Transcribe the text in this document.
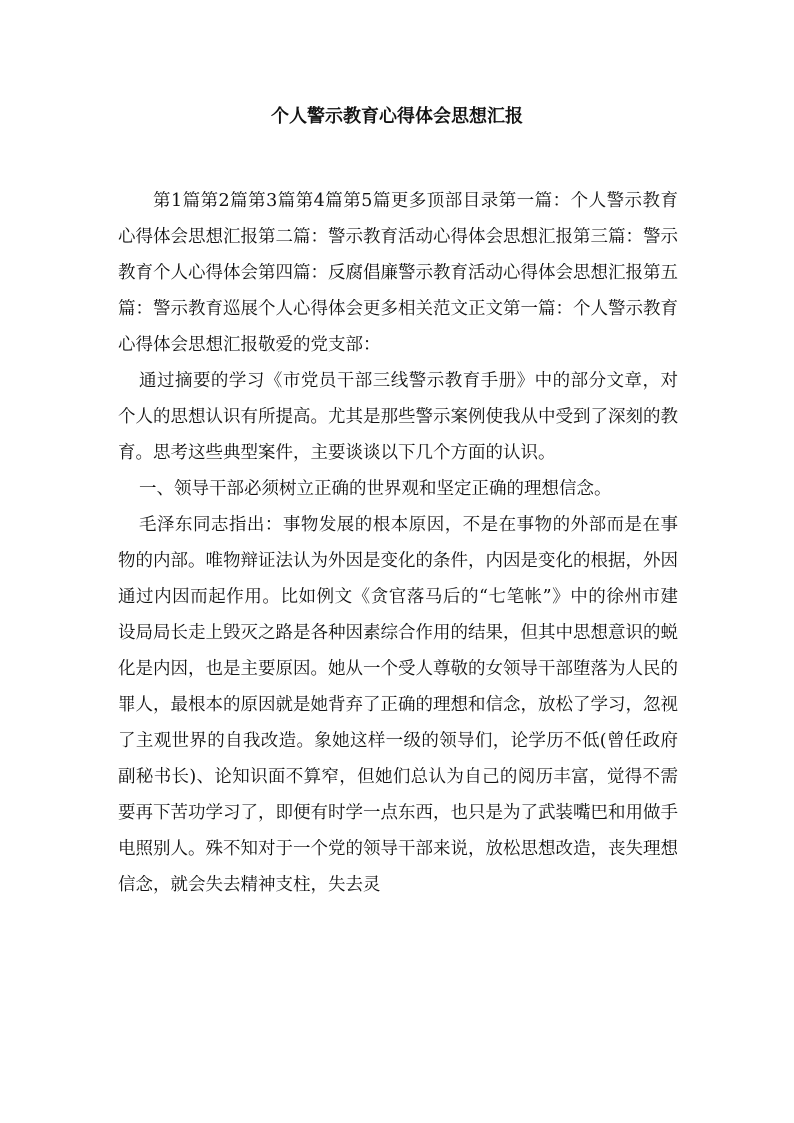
个人警示教育心得体会思想汇报

第1篇第2篇第3篇第4篇第5篇更多顶部目录第一篇：个人警示教育心得体会思想汇报第二篇：警示教育活动心得体会思想汇报第三篇：警示教育个人心得体会第四篇：反腐倡廉警示教育活动心得体会思想汇报第五篇：警示教育巡展个人心得体会更多相关范文正文第一篇：个人警示教育心得体会思想汇报敬爱的党支部：

通过摘要的学习《市党员干部三线警示教育手册》中的部分文章，对个人的思想认识有所提高。尤其是那些警示案例使我从中受到了深刻的教育。思考这些典型案件，主要谈谈以下几个方面的认识。

一、领导干部必须树立正确的世界观和坚定正确的理想信念。

毛泽东同志指出：事物发展的根本原因，不是在事物的外部而是在事物的内部。唯物辩证法认为外因是变化的条件，内因是变化的根据，外因通过内因而起作用。比如例文《贪官落马后的“七笔帐”》中的徐州市建设局局长走上毁灭之路是各种因素综合作用的结果，但其中思想意识的蜕化是内因，也是主要原因。她从一个受人尊敬的女领导干部堕落为人民的罪人，最根本的原因就是她背弃了正确的理想和信念，放松了学习，忽视了主观世界的自我改造。象她这样一级的领导们，论学历不低(曾任政府副秘书长)、论知识面不算窄，但她们总认为自己的阅历丰富，觉得不需要再下苦功学习了，即便有时学一点东西，也只是为了武装嘴巴和用做手电照别人。殊不知对于一个党的领导干部来说，放松思想改造，丧失理想信念，就会失去精神支柱，失去灵
